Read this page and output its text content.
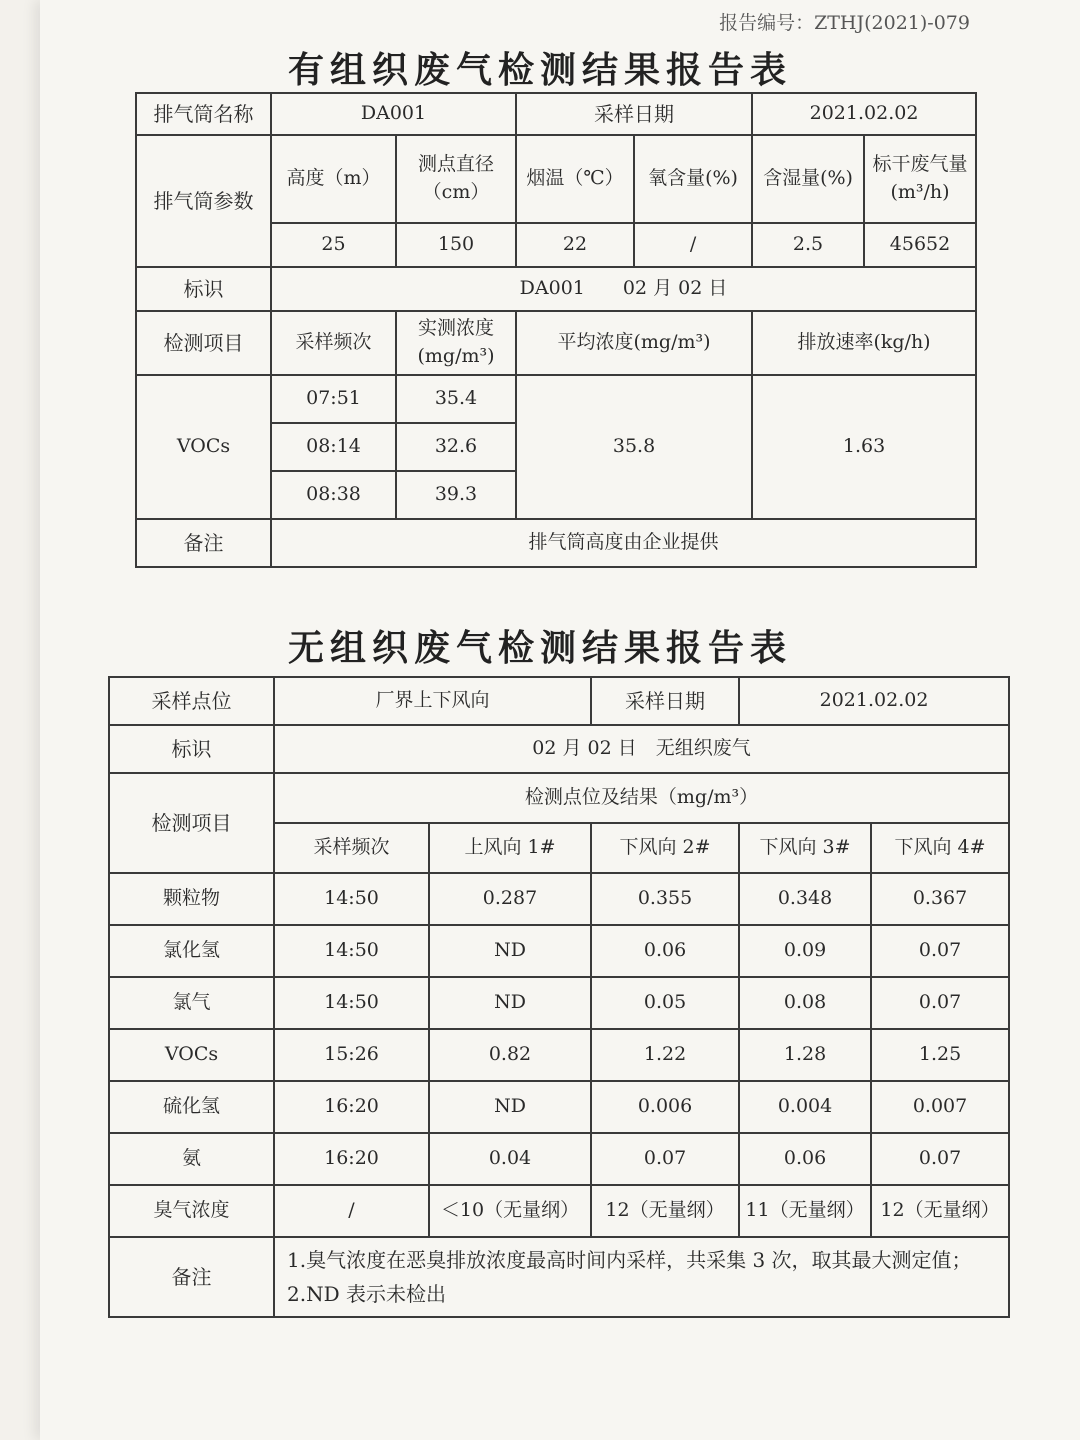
报告编号：ZTHJ(2021)-079
有组织废气检测结果报告表
排气筒名称	DA001		采样日期		2021.02.02	
排气筒参数	高度（m）	测点直径（cm）	烟温（℃）	氧含量(%)	含湿量(%)	标干废气量(m³/h)
	25	150	22	/	2.5	45652
标识	DA001　　02 月 02 日					
检测项目	采样频次	实测浓度(mg/m³)	平均浓度(mg/m³)		排放速率(kg/h)	
VOCs	07:51	35.4	35.8		1.63	
	08:14	32.6				
	08:38	39.3				
备注	排气筒高度由企业提供					
无组织废气检测结果报告表
采样点位	厂界上下风向		采样日期	2021.02.02	
标识	02 月 02 日　无组织废气				
检测项目	检测点位及结果（mg/m³）				
	采样频次	上风向 1#	下风向 2#	下风向 3#	下风向 4#
颗粒物	14:50	0.287	0.355	0.348	0.367
氯化氢	14:50	ND	0.06	0.09	0.07
氯气	14:50	ND	0.05	0.08	0.07
VOCs	15:26	0.82	1.22	1.28	1.25
硫化氢	16:20	ND	0.006	0.004	0.007
氨	16:20	0.04	0.07	0.06	0.07
臭气浓度	/	＜10（无量纲）	12（无量纲）	11（无量纲）	12（无量纲）
备注	1.臭气浓度在恶臭排放浓度最高时间内采样，共采集 3 次，取其最大测定值；
2.ND 表示未检出				
